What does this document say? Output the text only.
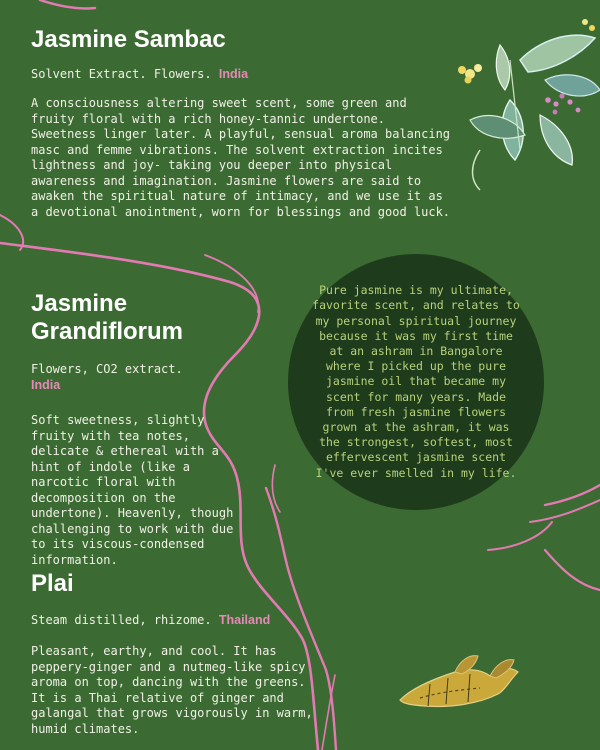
Jasmine Sambac
Solvent Extract. Flowers. India
A consciousness altering sweet scent, some green and fruity floral with a rich honey-tannic undertone. Sweetness linger later. A playful, sensual aroma balancing masc and femme vibrations. The solvent extraction incites lightness and joy- taking you deeper into physical awareness and imagination. Jasmine flowers are said to awaken the spiritual nature of intimacy, and we use it as a devotional anointment, worn for blessings and good luck.
Jasmine Grandiflorum
Flowers, CO2 extract.
India
Soft sweetness, slightly fruity with tea notes, delicate & ethereal with a hint of indole (like a narcotic floral with decomposition on the undertone). Heavenly, though challenging to work with due to its viscous-condensed information.
Plai
Steam distilled, rhizome. Thailand
Pleasant, earthy, and cool. It has peppery-ginger and a nutmeg-like spicy aroma on top, dancing with the greens. It is a Thai relative of ginger and galangal that grows vigorously in warm, humid climates.
Pure jasmine is my ultimate, favorite scent, and relates to my personal spiritual journey because it was my first time at an ashram in Bangalore where I picked up the pure jasmine oil that became my scent for many years. Made from fresh jasmine flowers grown at the ashram, it was the strongest, softest, most effervescent jasmine scent I've ever smelled in my life.
